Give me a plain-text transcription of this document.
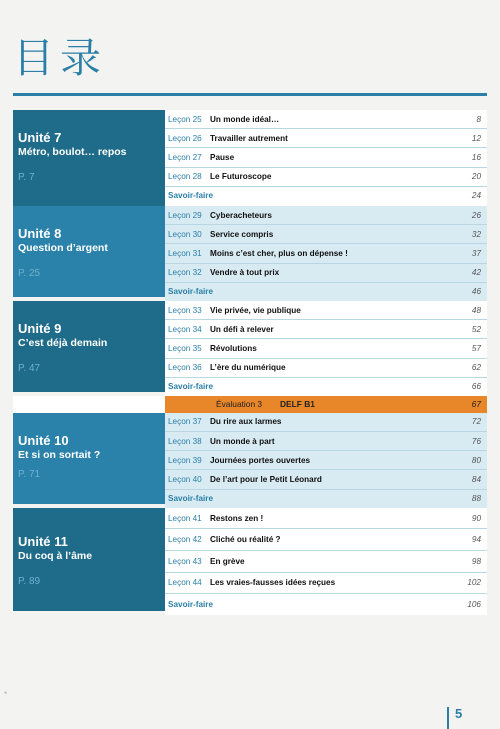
目录
Unité 7
Métro, boulot… repos
P. 7
Leçon 25	Un monde idéal…	8
Leçon 26	Travailler autrement	12
Leçon 27	Pause	16
Leçon 28	Le Futuroscope	20
Savoir-faire	24
Unité 8
Question d’argent
P. 25
Leçon 29	Cyberacheteurs	26
Leçon 30	Service compris	32
Leçon 31	Moins c’est cher, plus on dépense !	37
Leçon 32	Vendre à tout prix	42
Savoir-faire	46
Unité 9
C’est déjà demain
P. 47
Leçon 33	Vie privée, vie publique	48
Leçon 34	Un défi à relever	52
Leçon 35	Révolutions	57
Leçon 36	L’ère du numérique	62
Savoir-faire	66
Évaluation 3 DELF B1	67
Unité 10
Et si on sortait ?
P. 71
Leçon 37	Du rire aux larmes	72
Leçon 38	Un monde à part	76
Leçon 39	Journées portes ouvertes	80
Leçon 40	De l’art pour le Petit Léonard	84
Savoir-faire	88
Unité 11
Du coq à l’âme
P. 89
Leçon 41	Restons zen !	90
Leçon 42	Cliché ou réalité ?	94
Leçon 43	En grève	98
Leçon 44	Les vraies-fausses idées reçues	102
Savoir-faire	106
*
5
